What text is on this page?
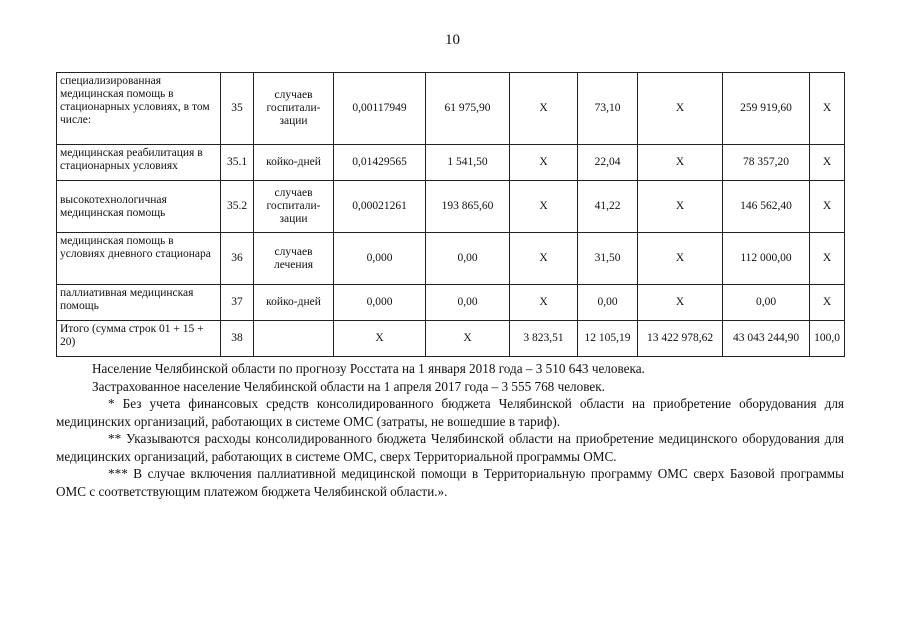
10
специализированная медицинская помощь в стационарных условиях, в том числе:	35	случаев госпитали-зации	0,00117949	61 975,90	X	73,10	X	259 919,60	X
медицинская реабилитация в стационарных условиях	35.1	койко-дней	0,01429565	1 541,50	X	22,04	X	78 357,20	X
высокотехнологичная медицинская помощь	35.2	случаев госпитали-зации	0,00021261	193 865,60	X	41,22	X	146 562,40	X
медицинская помощь в условиях дневного стационара	36	случаев лечения	0,000	0,00	X	31,50	X	112 000,00	X
паллиативная медицинская помощь	37	койко-дней	0,000	0,00	X	0,00	X	0,00	X
Итого (сумма строк 01 + 15 + 20)	38		X	X	3 823,51	12 105,19	13 422 978,62	43 043 244,90	100,0

Население Челябинской области по прогнозу Росстата на 1 января 2018 года – 3 510 643 человека.

Застрахованное население Челябинской области на 1 апреля 2017 года – 3 555 768 человек.

* Без учета финансовых средств консолидированного бюджета Челябинской области на приобретение оборудования для медицинских организаций, работающих в системе ОМС (затраты, не вошедшие в тариф).

** Указываются расходы консолидированного бюджета Челябинской области на приобретение медицинского оборудования для медицинских организаций, работающих в системе ОМС, сверх Территориальной программы ОМС.

*** В случае включения паллиативной медицинской помощи в Территориальную программу ОМС сверх Базовой программы ОМС с соответствующим платежом бюджета Челябинской области.».
